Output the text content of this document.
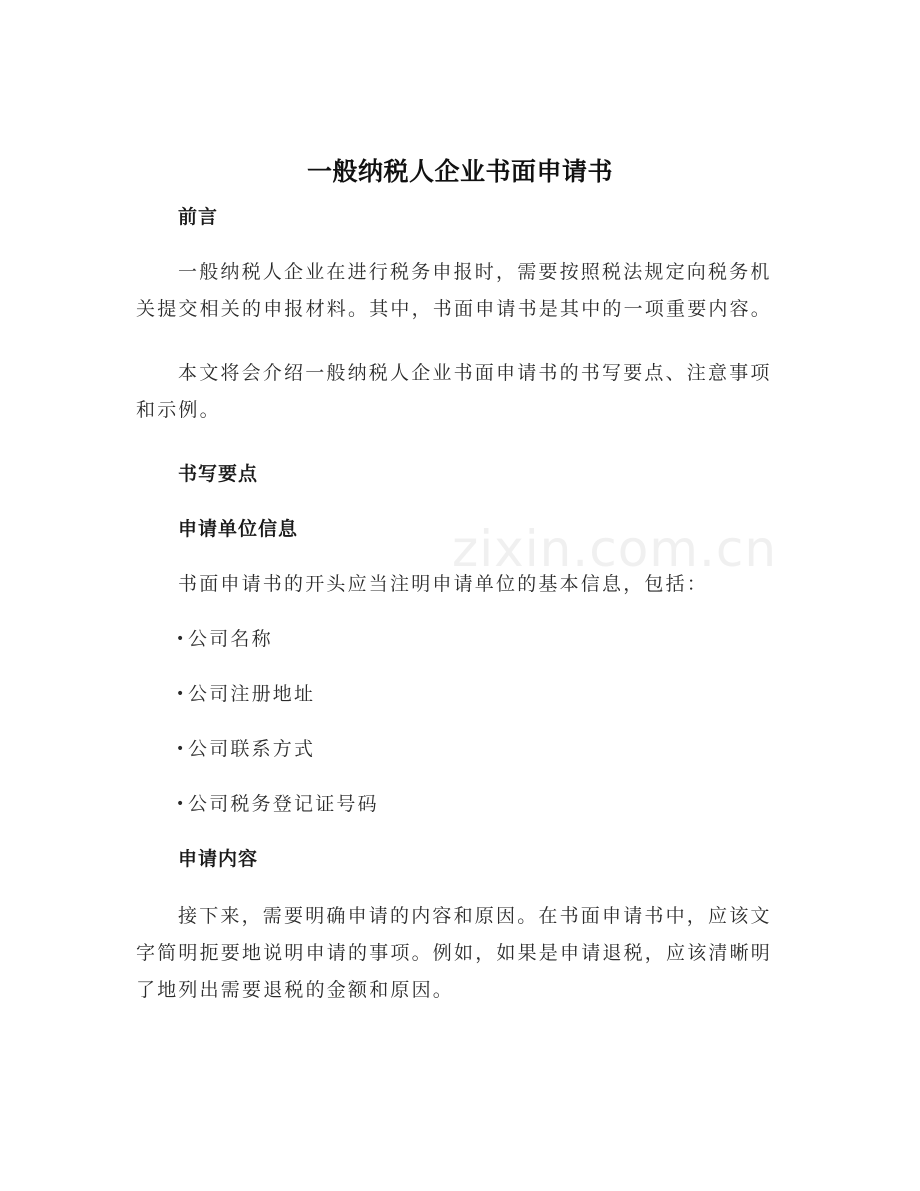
zixin.com.cn
一般纳税人企业书面申请书
前言
一般纳税人企业在进行税务申报时，需要按照税法规定向税务机关提交相关的申报材料。其中，书面申请书是其中的一项重要内容。
本文将会介绍一般纳税人企业书面申请书的书写要点、注意事项和示例。
书写要点
申请单位信息
书面申请书的开头应当注明申请单位的基本信息，包括：
•公司名称
•公司注册地址
•公司联系方式
•公司税务登记证号码
申请内容
接下来，需要明确申请的内容和原因。在书面申请书中，应该文字简明扼要地说明申请的事项。例如，如果是申请退税，应该清晰明了地列出需要退税的金额和原因。
